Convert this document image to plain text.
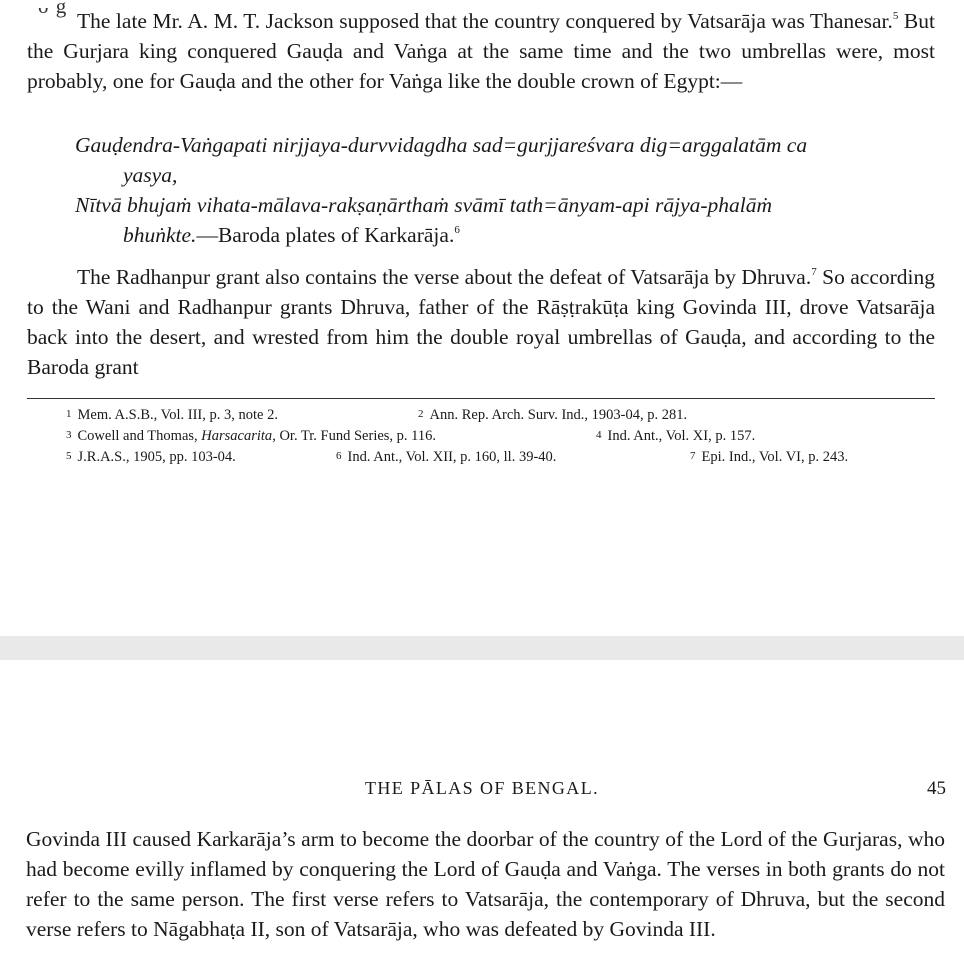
ᴗ g

The late Mr. A. M. T. Jackson supposed that the country conquered by Vatsarāja was Thanesar.$^5$ But the Gurjara king conquered Gauḍa and Vaṅga at the same time and the two umbrellas were, most probably, one for Gauḍa and the other for Vaṅga like the double crown of Egypt:—

Gauḍendra-Vaṅgapati nirjjaya-durvvidagdha sad=gurjjareśvara dig=arggalatām ca
yasya,

Nītvā bhujaṁ vihata-mālava-rakṣaṇārthaṁ svāmī tath=ānyam-api rājya-phalāṁ
bhuṅkte.—Baroda plates of Karkarāja.$^6$

The Radhanpur grant also contains the verse about the defeat of Vatsarāja by Dhruva.$^7$ So according to the Wani and Radhanpur grants Dhruva, father of the Rāṣṭrakūṭa king Govinda III, drove Vatsarāja back into the desert, and wrested from him the double royal umbrellas of Gauḍa, and according to the Baroda grant

1 Mem. A.S.B., Vol. III, p. 3, note 2.	2 Ann. Rep. Arch. Surv. Ind., 1903-04, p. 281.
3 Cowell and Thomas, Harsacarita, Or. Tr. Fund Series, p. 116.	4 Ind. Ant., Vol. XI, p. 157.
5 J.R.A.S., 1905, pp. 103-04.	6 Ind. Ant., Vol. XII, p. 160, ll. 39-40.	7 Epi. Ind., Vol. VI, p. 243.
THE PĀLAS OF BENGAL.	45

Govinda III caused Karkarāja’s arm to become the doorbar of the country of the Lord of the Gurjaras, who had become evilly inflamed by conquering the Lord of Gauḍa and Vaṅga. The verses in both grants do not refer to the same person. The first verse refers to Vatsarāja, the contemporary of Dhruva, but the second verse refers to Nāgabhaṭa II, son of Vatsarāja, who was defeated by Govinda III.
